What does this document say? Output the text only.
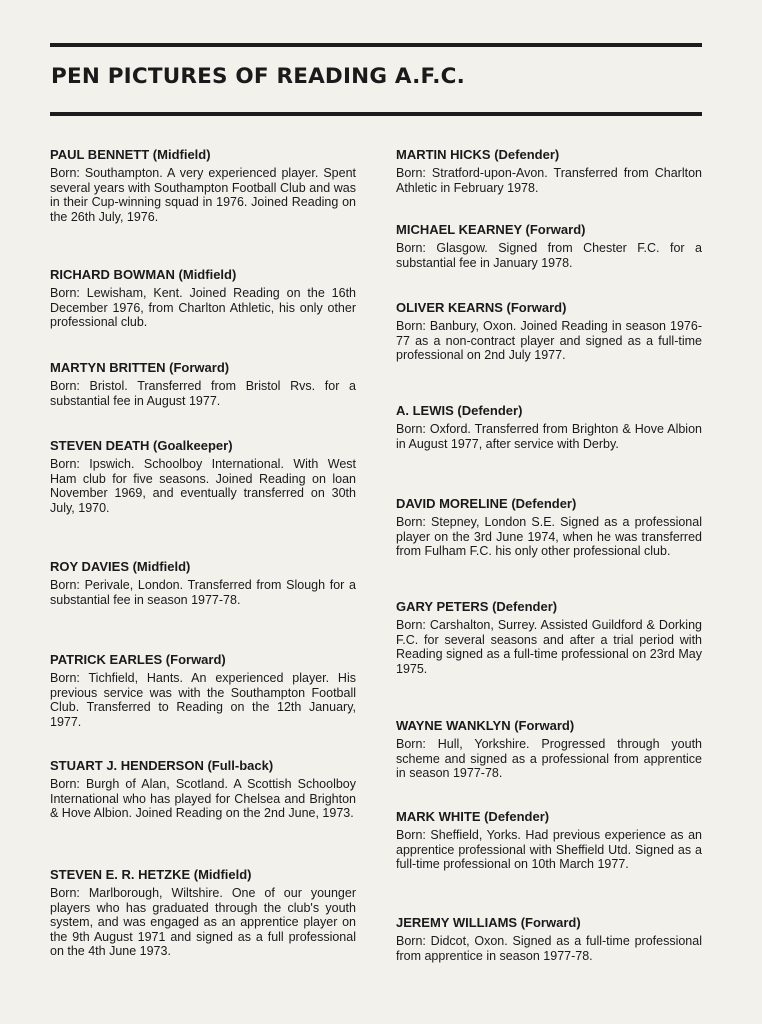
PEN PICTURES OF READING A.F.C.

PAUL BENNETT (Midfield)

Born: Southampton. A very experienced player. Spent several years with Southampton Football Club and was in their Cup-winning squad in 1976. Joined Reading on the 26th July, 1976.

RICHARD BOWMAN (Midfield)

Born: Lewisham, Kent. Joined Reading on the 16th December 1976, from Charlton Athletic, his only other professional club.

MARTYN BRITTEN (Forward)

Born: Bristol. Transferred from Bristol Rvs. for a substantial fee in August 1977.

STEVEN DEATH (Goalkeeper)

Born: Ipswich. Schoolboy International. With West Ham club for five seasons. Joined Reading on loan November 1969, and eventually transferred on 30th July, 1970.

ROY DAVIES (Midfield)

Born: Perivale, London. Transferred from Slough for a substantial fee in season 1977-78.

PATRICK EARLES (Forward)

Born: Tichfield, Hants. An experienced player. His previous service was with the Southampton Football Club. Transferred to Reading on the 12th January, 1977.

STUART J. HENDERSON (Full-back)

Born: Burgh of Alan, Scotland. A Scottish Schoolboy International who has played for Chelsea and Brighton & Hove Albion. Joined Reading on the 2nd June, 1973.

STEVEN E. R. HETZKE (Midfield)

Born: Marlborough, Wiltshire. One of our younger players who has graduated through the club's youth system, and was engaged as an apprentice player on the 9th August 1971 and signed as a full professional on the 4th June 1973.

MARTIN HICKS (Defender)

Born: Stratford-upon-Avon. Transferred from Charlton Athletic in February 1978.

MICHAEL KEARNEY (Forward)

Born: Glasgow. Signed from Chester F.C. for a substantial fee in January 1978.

OLIVER KEARNS (Forward)

Born: Banbury, Oxon. Joined Reading in season 1976-77 as a non-contract player and signed as a full-time professional on 2nd July 1977.

A. LEWIS (Defender)

Born: Oxford. Transferred from Brighton & Hove Albion in August 1977, after service with Derby.

DAVID MORELINE (Defender)

Born: Stepney, London S.E. Signed as a professional player on the 3rd June 1974, when he was transferred from Fulham F.C. his only other professional club.

GARY PETERS (Defender)

Born: Carshalton, Surrey. Assisted Guildford & Dorking F.C. for several seasons and after a trial period with Reading signed as a full-time professional on 23rd May 1975.

WAYNE WANKLYN (Forward)

Born: Hull, Yorkshire. Progressed through youth scheme and signed as a professional from apprentice in season 1977-78.

MARK WHITE (Defender)

Born: Sheffield, Yorks. Had previous experience as an apprentice professional with Sheffield Utd. Signed as a full-time professional on 10th March 1977.

JEREMY WILLIAMS (Forward)

Born: Didcot, Oxon. Signed as a full-time professional from apprentice in season 1977-78.
